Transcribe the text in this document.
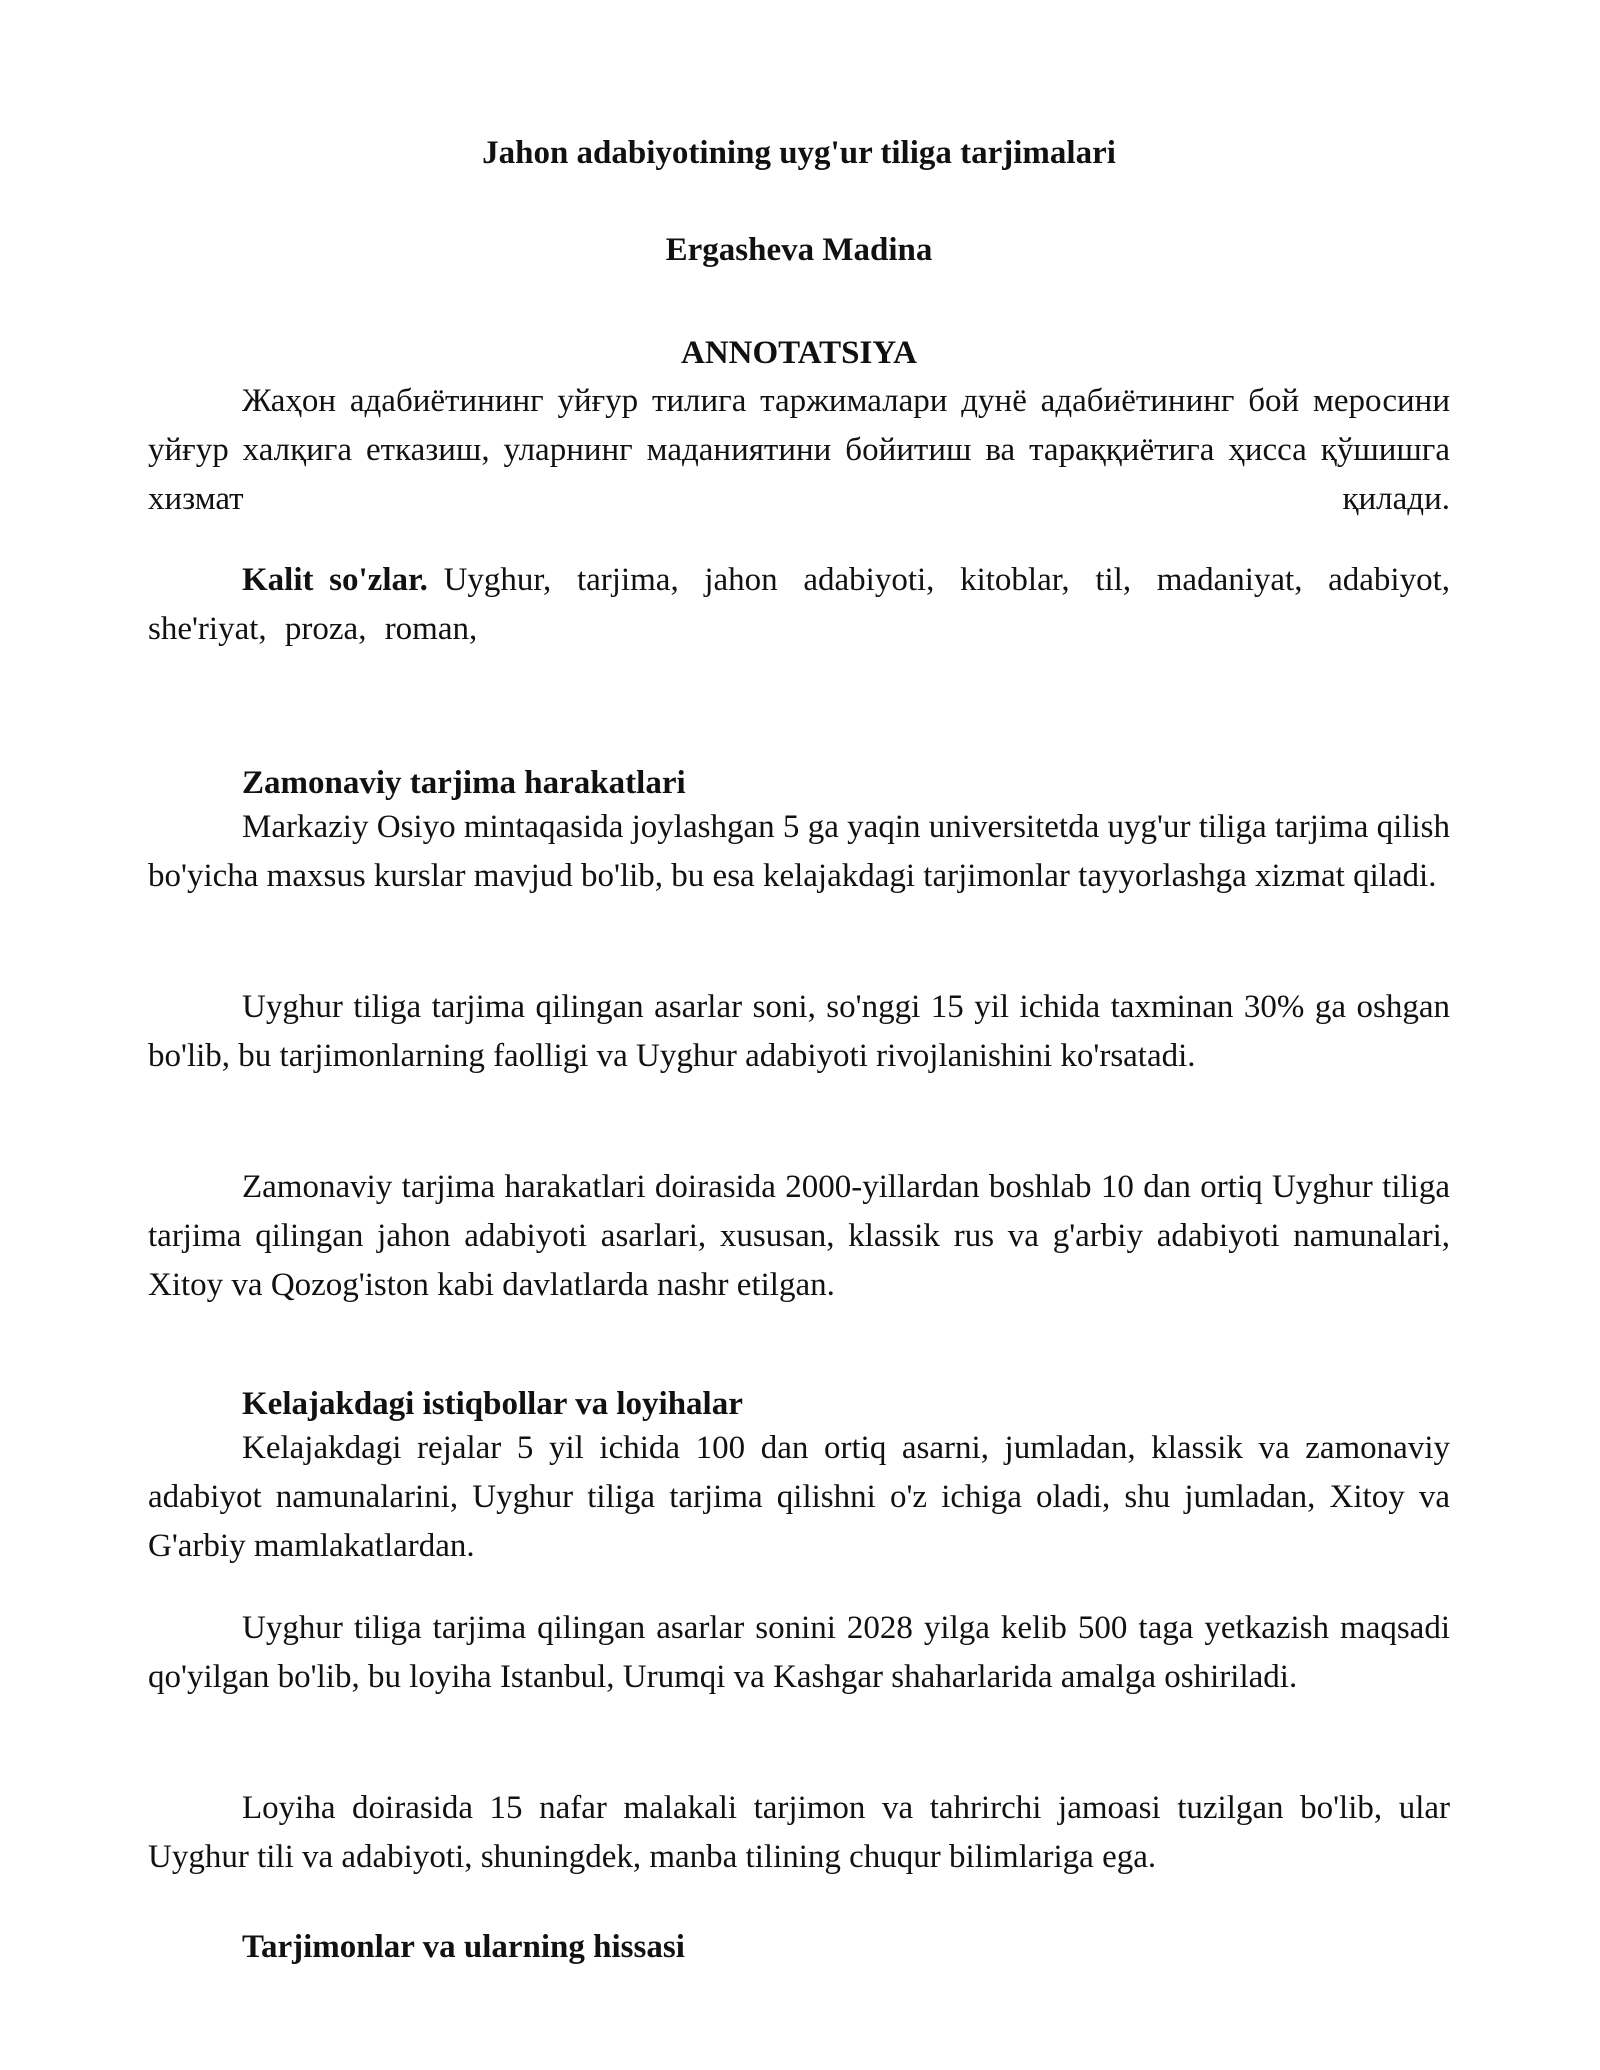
Jahon adabiyotining uyg'ur tiliga tarjimalari
Ergasheva Madina
ANNOTATSIYA

Жаҳон адабиётининг уйғур тилига таржималари дунё адабиётининг бой меросини уйғур халқига етказиш, уларнинг маданиятини бойитиш ва тараққиётига ҳисса қўшишга хизмат қилади.

Kalit so'zlar. Uyghur, tarjima, jahon adabiyoti, kitoblar, til, madaniyat, adabiyot, she'riyat, proza, roman,

Zamonaviy tarjima harakatlari

Markaziy Osiyo mintaqasida joylashgan 5 ga yaqin universitetda uyg'ur tiliga tarjima qilish bo'yicha maxsus kurslar mavjud bo'lib, bu esa kelajakdagi tarjimonlar tayyorlashga xizmat qiladi.

Uyghur tiliga tarjima qilingan asarlar soni, so'nggi 15 yil ichida taxminan 30% ga oshgan bo'lib, bu tarjimonlarning faolligi va Uyghur adabiyoti rivojlanishini ko'rsatadi.

Zamonaviy tarjima harakatlari doirasida 2000-yillardan boshlab 10 dan ortiq Uyghur tiliga tarjima qilingan jahon adabiyoti asarlari, xususan, klassik rus va g'arbiy adabiyoti namunalari, Xitoy va Qozog'iston kabi davlatlarda nashr etilgan.

Kelajakdagi istiqbollar va loyihalar

Kelajakdagi rejalar 5 yil ichida 100 dan ortiq asarni, jumladan, klassik va zamonaviy adabiyot namunalarini, Uyghur tiliga tarjima qilishni o'z ichiga oladi, shu jumladan, Xitoy va G'arbiy mamlakatlardan.

Uyghur tiliga tarjima qilingan asarlar sonini 2028 yilga kelib 500 taga yetkazish maqsadi qo'yilgan bo'lib, bu loyiha Istanbul, Urumqi va Kashgar shaharlarida amalga oshiriladi.

Loyiha doirasida 15 nafar malakali tarjimon va tahrirchi jamoasi tuzilgan bo'lib, ular Uyghur tili va adabiyoti, shuningdek, manba tilining chuqur bilimlariga ega.

Tarjimonlar va ularning hissasi
